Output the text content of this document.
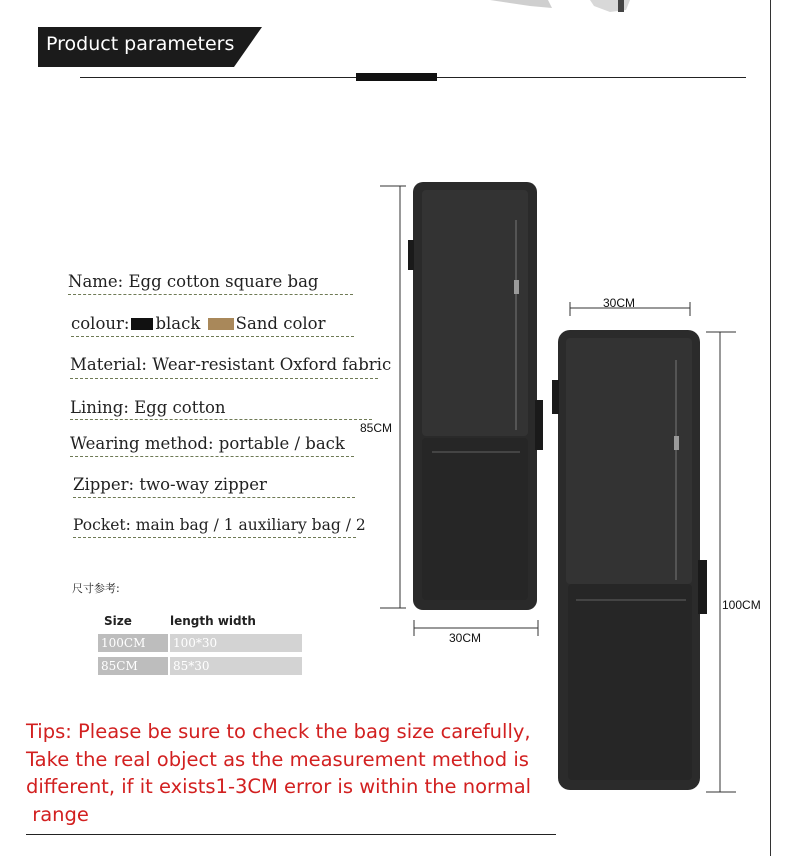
Product parameters
Name: Egg cotton square bag
colour: black Sand color
Material: Wear-resistant Oxford fabric
Lining: Egg cotton
Wearing method: portable / back
Zipper: two-way zipper
Pocket: main bag / 1 auxiliary bag / 2
尺寸参考:
Size	length width
100CM	100*30
85CM	85*30
85CM
30CM
30CM
100CM
Tips: Please be sure to check the bag size carefully,
Take the real object as the measurement method is
different, if it exists1-3CM error is within the normal
range
